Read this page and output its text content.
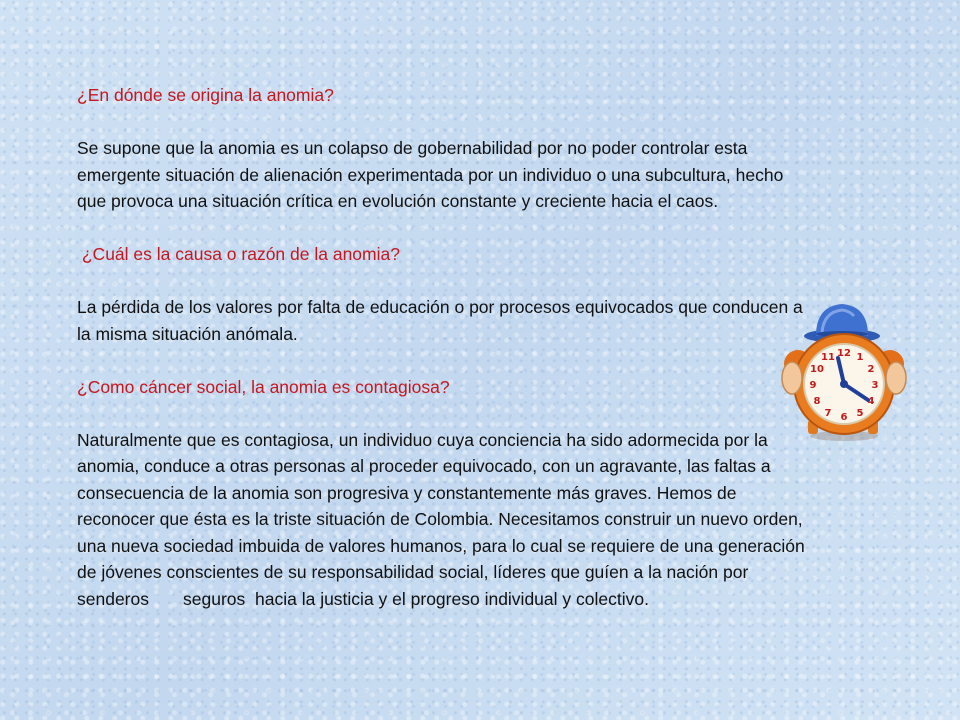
¿En dónde se origina la anomia?

Se supone que la anomia es un colapso de gobernabilidad por no poder controlar esta emergente situación de alienación experimentada por un individuo o una subcultura, hecho que provoca una situación crítica en evolución constante y creciente hacia el caos.

¿Cuál es la causa o razón de la anomia?

La pérdida de los valores por falta de educación o por procesos equivocados que conducen a la misma situación anómala.

¿Como cáncer social, la anomia es contagiosa?

Naturalmente que es contagiosa, un individuo cuya conciencia ha sido adormecida por la anomia, conduce a otras personas al proceder equivocado, con un agravante, las faltas a consecuencia de la anomia son progresiva y constantemente más graves. Hemos de reconocer que ésta es la triste situación de Colombia. Necesitamos construir un nuevo orden, una nueva sociedad imbuida de valores humanos, para lo cual se requiere de una generación de jóvenes conscientes de su responsabilidad social, líderes que guíen a la nación por senderos       seguros  hacia la justicia y el progreso individual y colectivo.

12 1
2
3
4
5
6
7
8
9
10
11
